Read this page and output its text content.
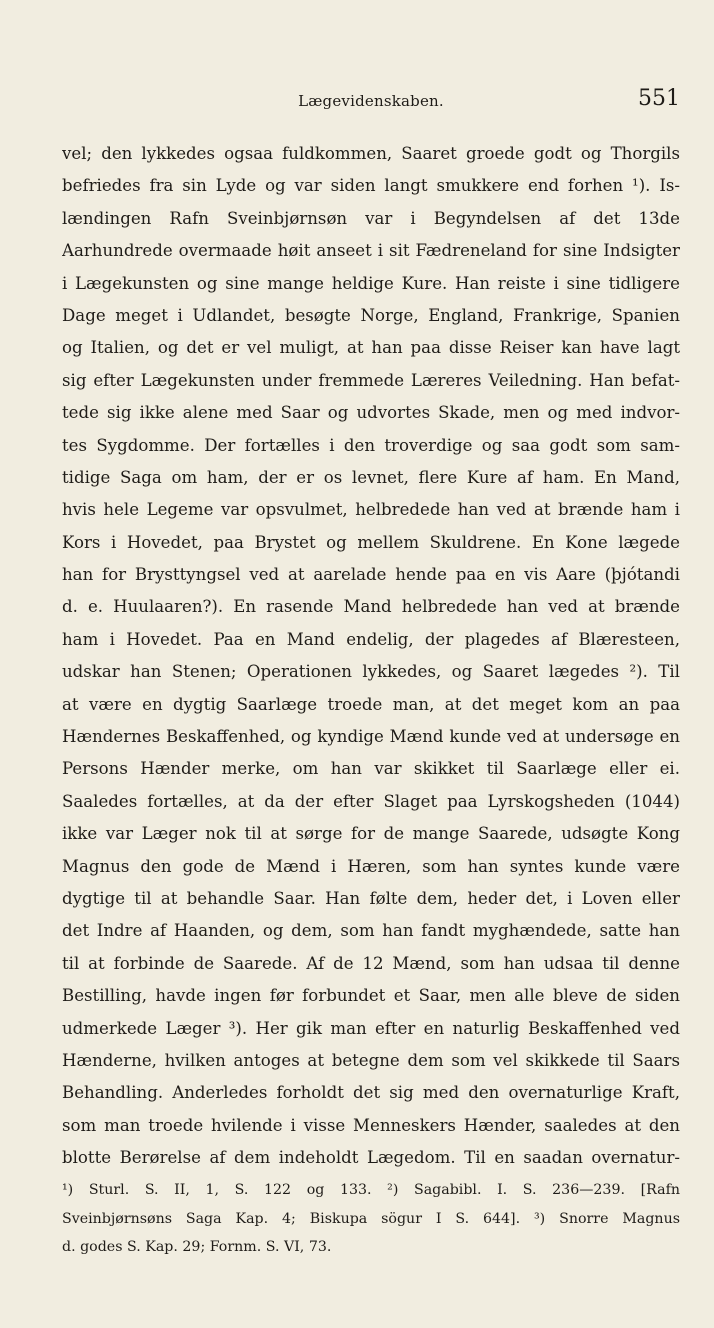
Lægevidenskaben.	551
vel; den lykkedes ogsaa fuldkommen, Saaret groede godt og Thorgils
befriedes fra sin Lyde og var siden langt smukkere end forhen ¹). Is-
lændingen Rafn Sveinbjørnsøn var i Begyndelsen af det 13de
Aarhundrede overmaade høit anseet i sit Fædreneland for sine Indsigter
i Lægekunsten og sine mange heldige Kure. Han reiste i sine tidligere
Dage meget i Udlandet, besøgte Norge, England, Frankrige, Spanien
og Italien, og det er vel muligt, at han paa disse Reiser kan have lagt
sig efter Lægekunsten under fremmede Læreres Veiledning. Han befat-
tede sig ikke alene med Saar og udvortes Skade, men og med indvor-
tes Sygdomme. Der fortælles i den troverdige og saa godt som sam-
tidige Saga om ham, der er os levnet, flere Kure af ham. En Mand,
hvis hele Legeme var opsvulmet, helbredede han ved at brænde ham i
Kors i Hovedet, paa Brystet og mellem Skuldrene. En Kone lægede
han for Brysttyngsel ved at aarelade hende paa en vis Aare (þjótandi
d. e. Huulaaren?). En rasende Mand helbredede han ved at brænde
ham i Hovedet. Paa en Mand endelig, der plagedes af Blæresteen,
udskar han Stenen; Operationen lykkedes, og Saaret lægedes ²). Til
at være en dygtig Saarlæge troede man, at det meget kom an paa
Hændernes Beskaffenhed, og kyndige Mænd kunde ved at undersøge en
Persons Hænder merke, om han var skikket til Saarlæge eller ei.
Saaledes fortælles, at da der efter Slaget paa Lyrskogsheden (1044)
ikke var Læger nok til at sørge for de mange Saarede, udsøgte Kong
Magnus den gode de Mænd i Hæren, som han syntes kunde være
dygtige til at behandle Saar. Han følte dem, heder det, i Loven eller
det Indre af Haanden, og dem, som han fandt myghændede, satte han
til at forbinde de Saarede. Af de 12 Mænd, som han udsaa til denne
Bestilling, havde ingen før forbundet et Saar, men alle bleve de siden
udmerkede Læger ³). Her gik man efter en naturlig Beskaffenhed ved
Hænderne, hvilken antoges at betegne dem som vel skikkede til Saars
Behandling. Anderledes forholdt det sig med den overnaturlige Kraft,
som man troede hvilende i visse Menneskers Hænder, saaledes at den
blotte Berørelse af dem indeholdt Lægedom. Til en saadan overnatur-
¹) Sturl. S. II, 1, S. 122 og 133. ²) Sagabibl. I. S. 236—239. [Rafn
Sveinbjørnsøns Saga Kap. 4; Biskupa sögur I S. 644]. ³) Snorre Magnus
d. godes S. Kap. 29; Fornm. S. VI, 73.
